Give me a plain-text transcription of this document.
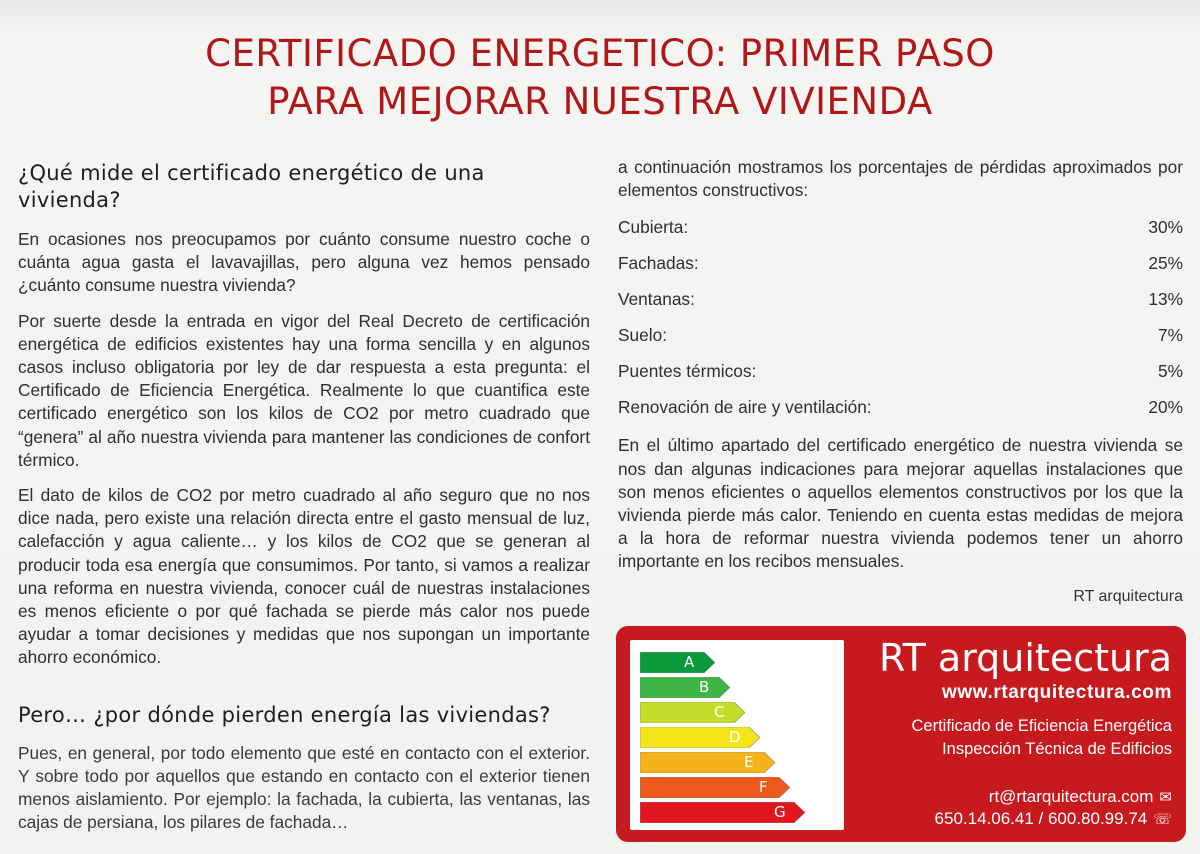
CERTIFICADO ENERGETICO: PRIMER PASO
PARA MEJORAR NUESTRA VIVIENDA
¿Qué mide el certificado energético de una
vivienda?

En ocasiones nos preocupamos por cuánto consume nuestro coche o cuánta agua gasta el lavavajillas, pero alguna vez hemos pensado ¿cuánto consume nuestra vivienda?

Por suerte desde la entrada en vigor del Real Decreto de certificación energética de edificios existentes hay una forma sencilla y en algunos casos incluso obligatoria por ley de dar respuesta a esta pregunta: el Certificado de Eficiencia Energética. Realmente lo que cuantifica este certificado energético son los kilos de CO2 por metro cuadrado que “genera” al año nuestra vivienda para mantener las condiciones de confort térmico.

El dato de kilos de CO2 por metro cuadrado al año seguro que no nos dice nada, pero existe una relación directa entre el gasto mensual de luz, calefacción y agua caliente… y los kilos de CO2 que se generan al producir toda esa energía que consumimos. Por tanto, si vamos a realizar una reforma en nuestra vivienda, conocer cuál de nuestras instalaciones es menos eficiente o por qué fachada se pierde más calor nos puede ayudar a tomar decisiones y medidas que nos supongan un importante ahorro económico.

Pero… ¿por dónde pierden energía las viviendas?

Pues, en general, por todo elemento que esté en contacto con el exterior. Y sobre todo por aquellos que estando en contacto con el exterior tienen menos aislamiento. Por ejemplo: la fachada, la cubierta, las ventanas, las cajas de persiana, los pilares de fachada…

a continuación mostramos los porcentajes de pérdidas aproximados por elementos constructivos:

Cubierta:	30%
Fachadas:	25%
Ventanas:	13%
Suelo:	7%
Puentes térmicos:	5%
Renovación de aire y ventilación:	20%

En el último apartado del certificado energético de nuestra vivienda se nos dan algunas indicaciones para mejorar aquellas instalaciones que son menos eficientes o aquellos elementos constructivos por los que la vivienda pierde más calor. Teniendo en cuenta estas medidas de mejora a la hora de reformar nuestra vivienda podemos tener un ahorro importante en los recibos mensuales.

RT arquitectura
A
B
C
D
E
F
G
RT arquitectura
www.rtarquitectura.com
Certificado de Eficiencia Energética
Inspección Técnica de Edificios
rt@rtarquitectura.com ✉
650.14.06.41 / 600.80.99.74 ☏
